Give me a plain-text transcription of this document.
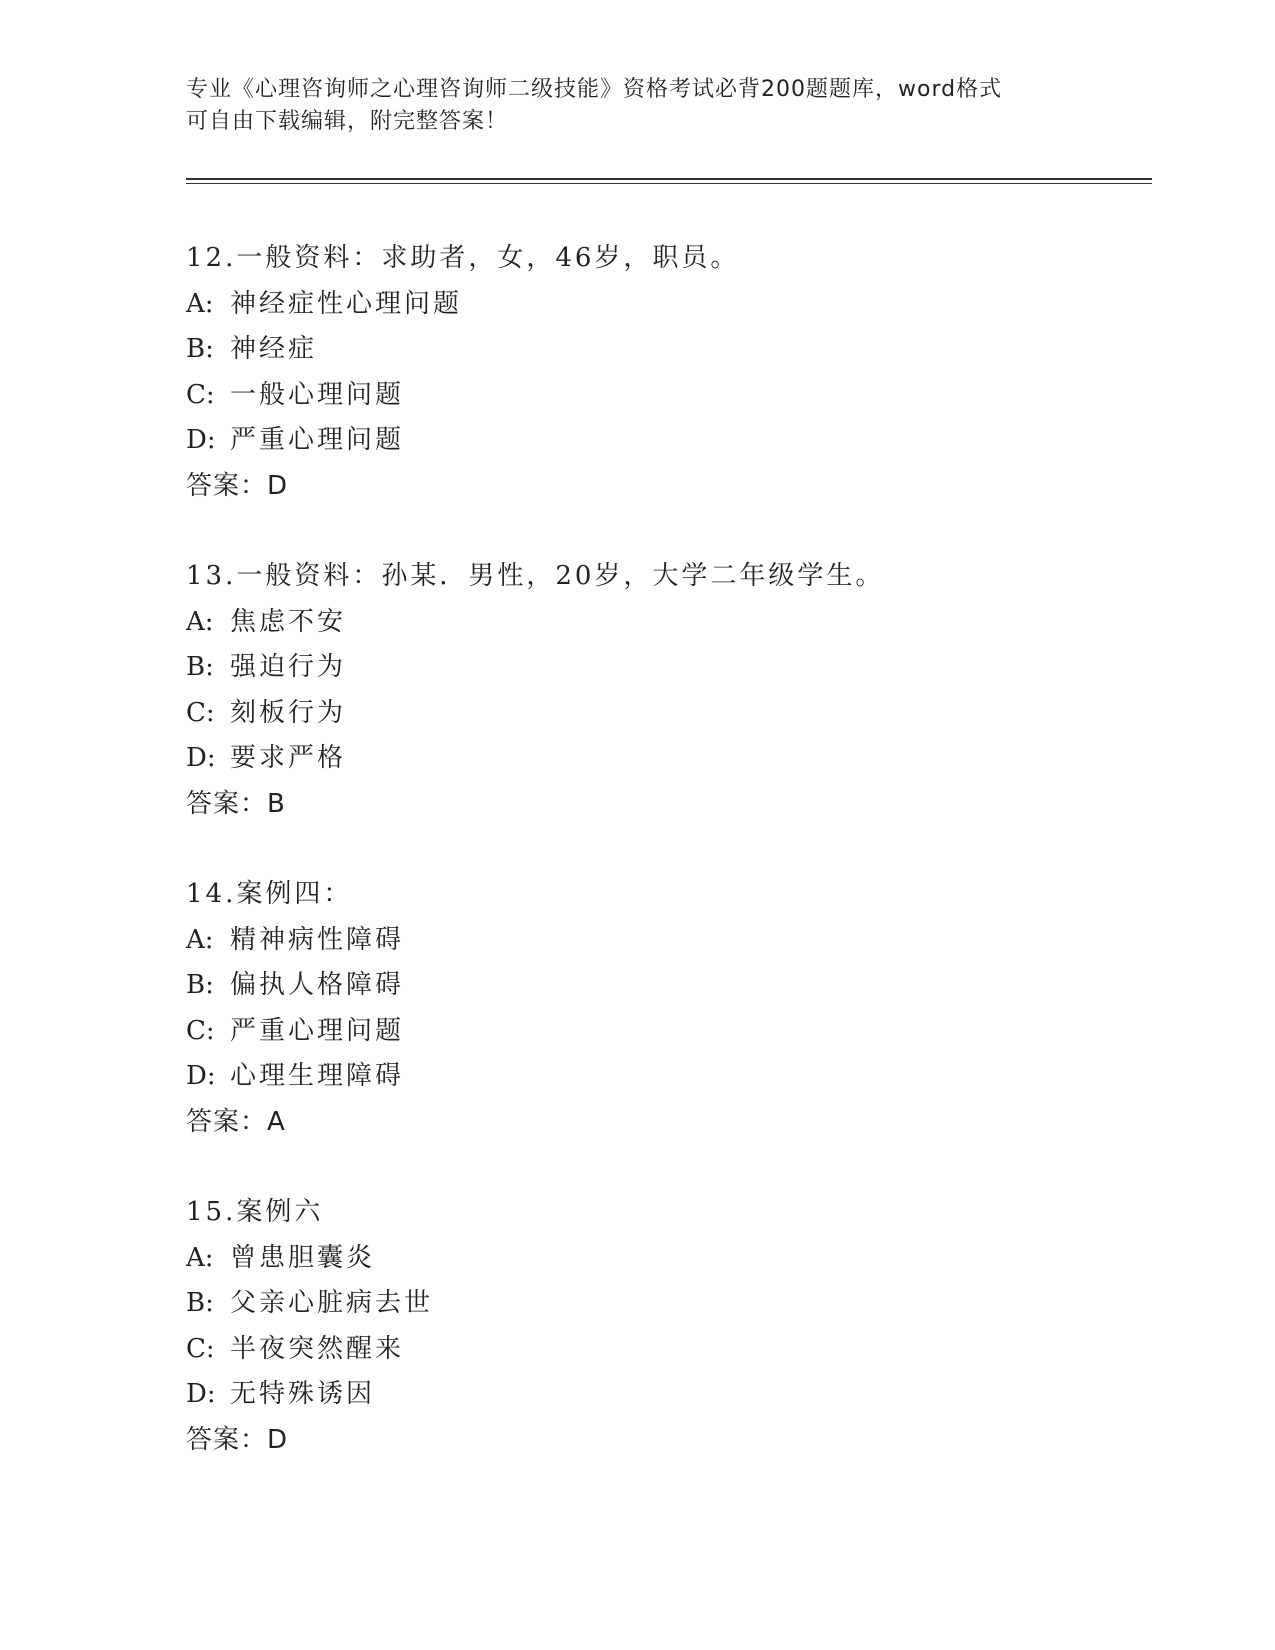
专业《心理咨询师之心理咨询师二级技能》资格考试必背200题题库，word格式
可自由下载编辑，附完整答案！
12.一般资料：求助者，女，46岁，职员。
A: 神经症性心理问题
B: 神经症
C: 一般心理问题
D: 严重心理问题
答案：D
13.一般资料：孙某．男性，20岁，大学二年级学生。
A: 焦虑不安
B: 强迫行为
C: 刻板行为
D: 要求严格
答案：B
14.案例四：
A: 精神病性障碍
B: 偏执人格障碍
C: 严重心理问题
D: 心理生理障碍
答案：A
15.案例六
A: 曾患胆囊炎
B: 父亲心脏病去世
C: 半夜突然醒来
D: 无特殊诱因
答案：D
